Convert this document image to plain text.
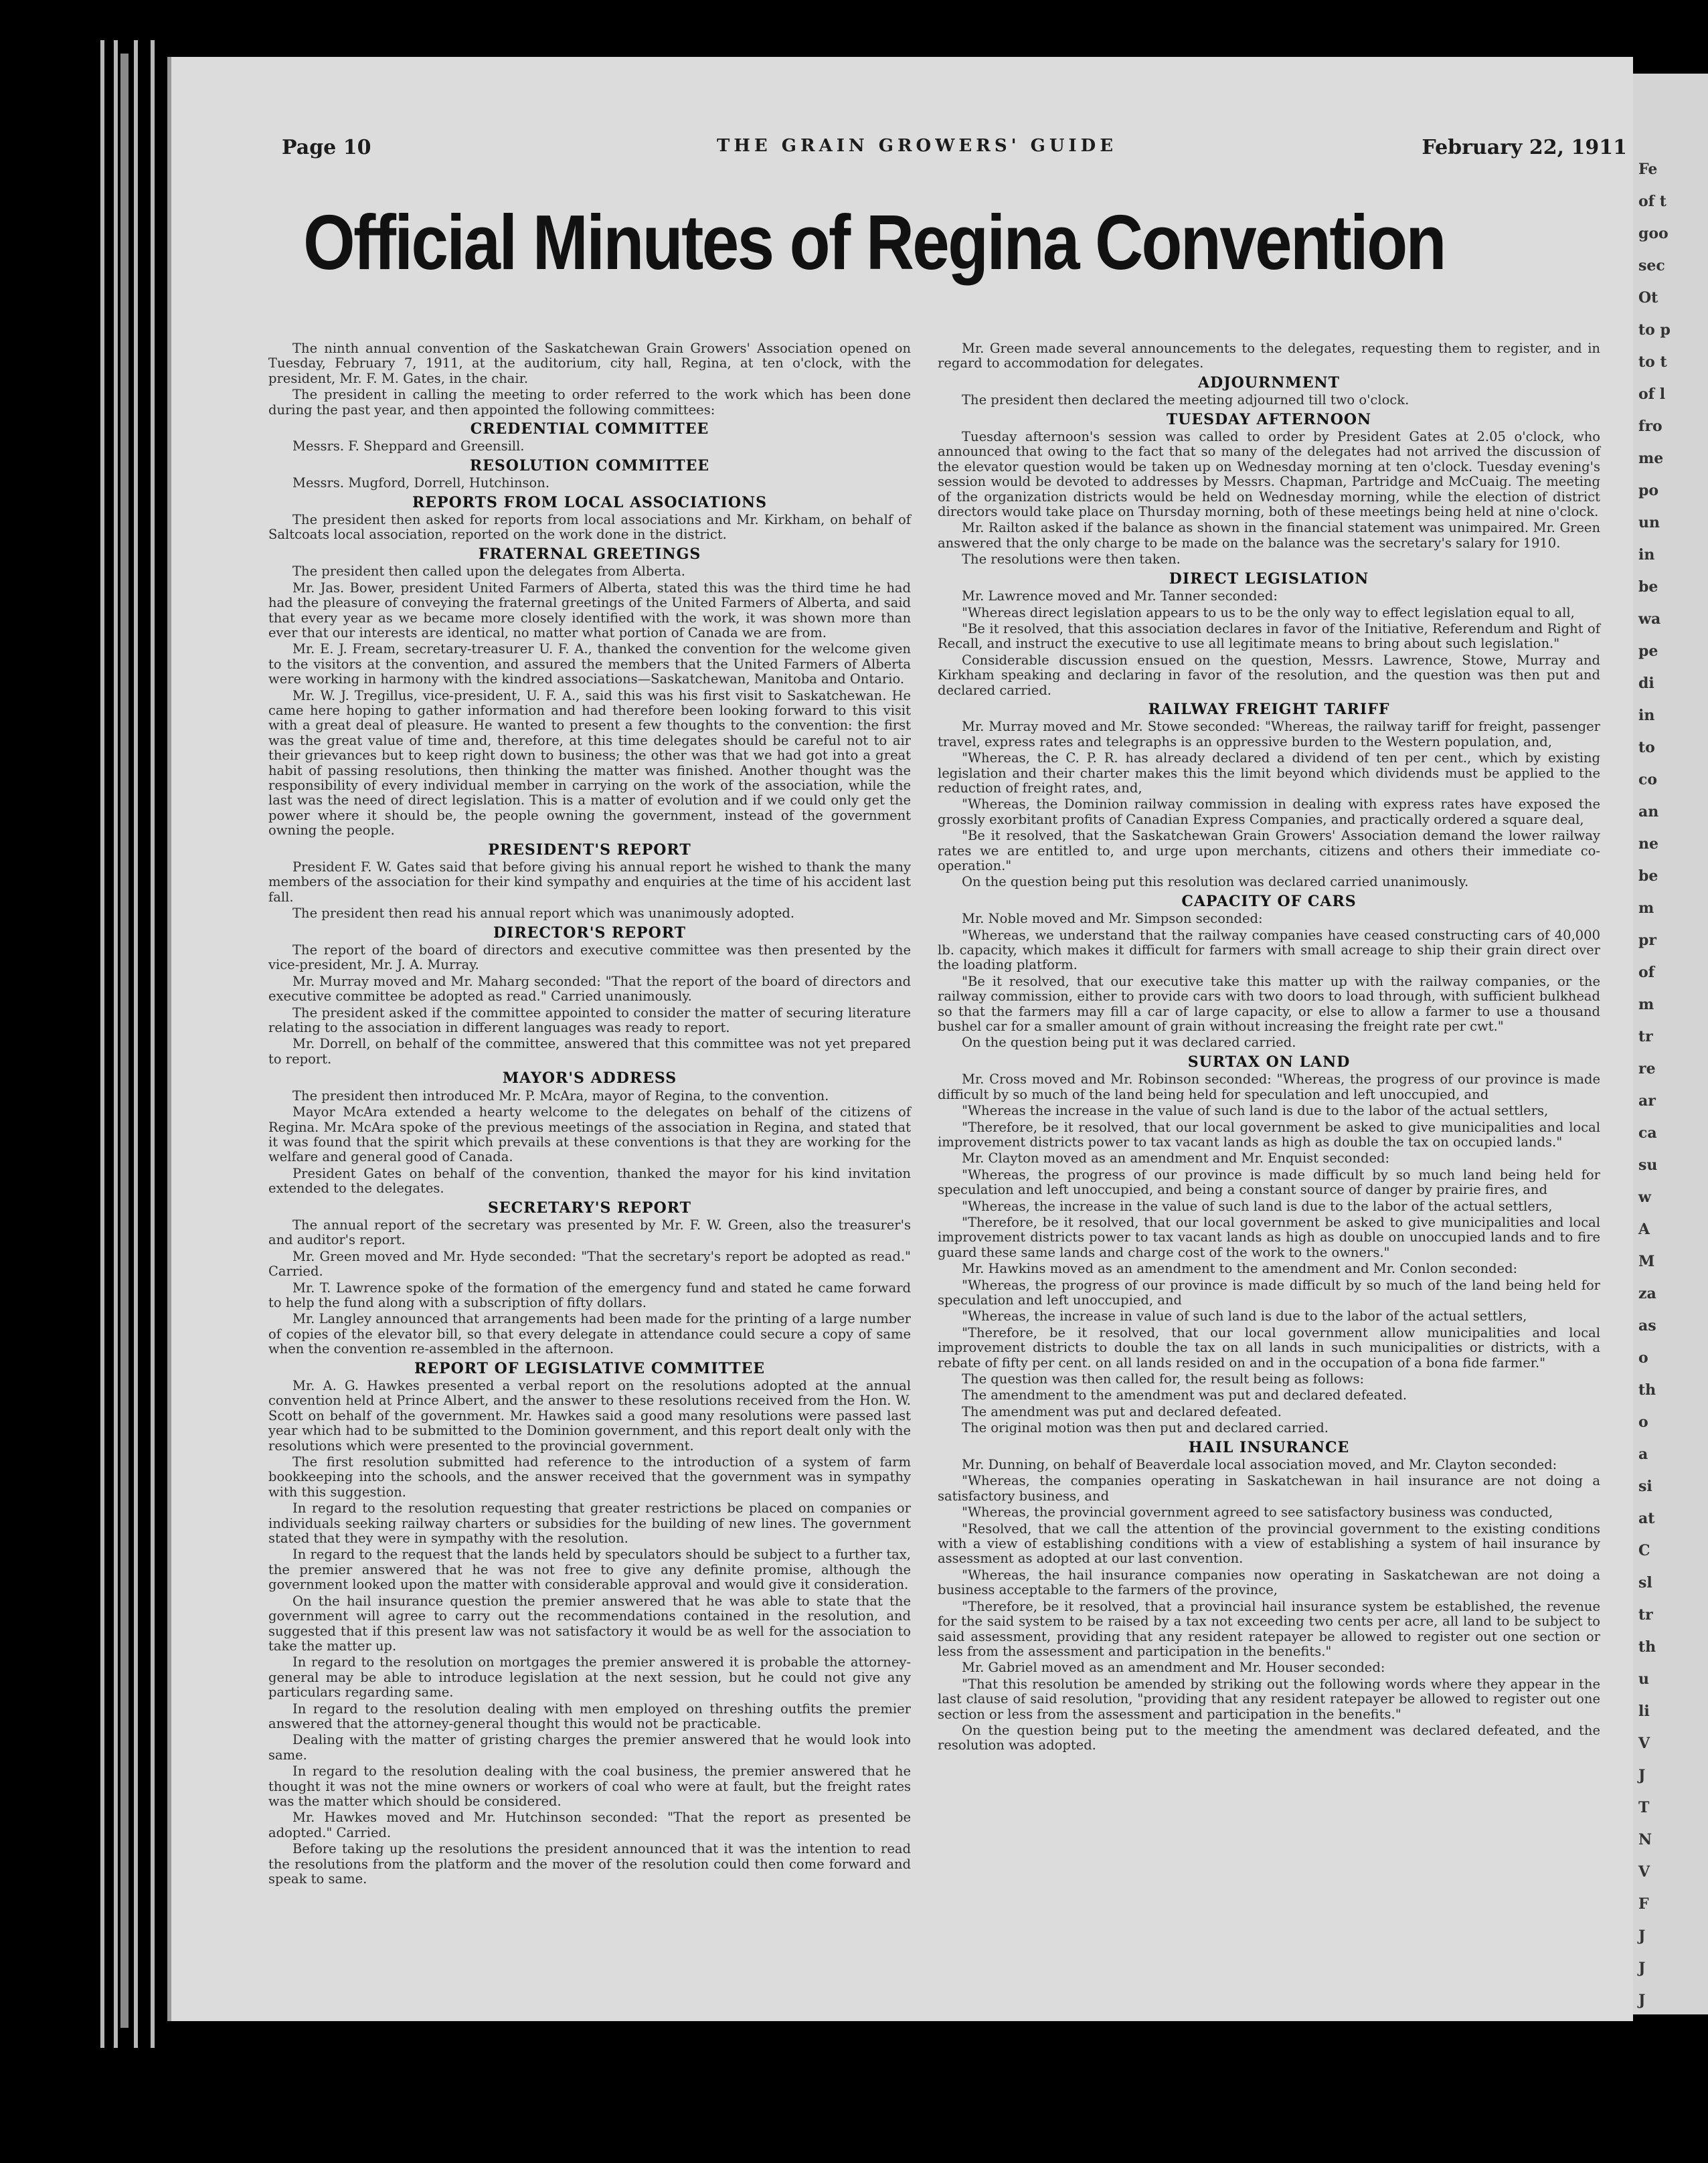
Page 10	THE GRAIN GROWERS' GUIDE	February 22, 1911
Official Minutes of Regina Convention

The ninth annual convention of the Saskatchewan Grain Growers' Association opened on Tuesday, February 7, 1911, at the auditorium, city hall, Regina, at ten o'clock, with the president, Mr. F. M. Gates, in the chair.

The president in calling the meeting to order referred to the work which has been done during the past year, and then appointed the following committees:

CREDENTIAL COMMITTEE

Messrs. F. Sheppard and Greensill.

RESOLUTION COMMITTEE

Messrs. Mugford, Dorrell, Hutchinson.

REPORTS FROM LOCAL ASSOCIATIONS

The president then asked for reports from local associations and Mr. Kirkham, on behalf of Saltcoats local association, reported on the work done in the district.

FRATERNAL GREETINGS

The president then called upon the delegates from Alberta.

Mr. Jas. Bower, president United Farmers of Alberta, stated this was the third time he had had the pleasure of conveying the fraternal greetings of the United Farmers of Alberta, and said that every year as we became more closely identified with the work, it was shown more than ever that our interests are identical, no matter what portion of Canada we are from.

Mr. E. J. Fream, secretary-treasurer U. F. A., thanked the convention for the welcome given to the visitors at the convention, and assured the members that the United Farmers of Alberta were working in harmony with the kindred associations—Saskatchewan, Manitoba and Ontario.

Mr. W. J. Tregillus, vice-president, U. F. A., said this was his first visit to Saskatchewan. He came here hoping to gather information and had therefore been looking forward to this visit with a great deal of pleasure. He wanted to present a few thoughts to the convention: the first was the great value of time and, therefore, at this time delegates should be careful not to air their grievances but to keep right down to business; the other was that we had got into a great habit of passing resolutions, then thinking the matter was finished. Another thought was the responsibility of every individual member in carrying on the work of the association, while the last was the need of direct legislation. This is a matter of evolution and if we could only get the power where it should be, the people owning the government, instead of the government owning the people.

PRESIDENT'S REPORT

President F. W. Gates said that before giving his annual report he wished to thank the many members of the association for their kind sympathy and enquiries at the time of his accident last fall.

The president then read his annual report which was unanimously adopted.

DIRECTOR'S REPORT

The report of the board of directors and executive committee was then presented by the vice-president, Mr. J. A. Murray.

Mr. Murray moved and Mr. Maharg seconded: "That the report of the board of directors and executive committee be adopted as read." Carried unanimously.

The president asked if the committee appointed to consider the matter of securing literature relating to the association in different languages was ready to report.

Mr. Dorrell, on behalf of the committee, answered that this committee was not yet prepared to report.

MAYOR'S ADDRESS

The president then introduced Mr. P. McAra, mayor of Regina, to the convention.

Mayor McAra extended a hearty welcome to the delegates on behalf of the citizens of Regina. Mr. McAra spoke of the previous meetings of the association in Regina, and stated that it was found that the spirit which prevails at these conventions is that they are working for the welfare and general good of Canada.

President Gates on behalf of the convention, thanked the mayor for his kind invitation extended to the delegates.

SECRETARY'S REPORT

The annual report of the secretary was presented by Mr. F. W. Green, also the treasurer's and auditor's report.

Mr. Green moved and Mr. Hyde seconded: "That the secretary's report be adopted as read." Carried.

Mr. T. Lawrence spoke of the formation of the emergency fund and stated he came forward to help the fund along with a subscription of fifty dollars.

Mr. Langley announced that arrangements had been made for the printing of a large number of copies of the elevator bill, so that every delegate in attendance could secure a copy of same when the convention re-assembled in the afternoon.

REPORT OF LEGISLATIVE COMMITTEE

Mr. A. G. Hawkes presented a verbal report on the resolutions adopted at the annual convention held at Prince Albert, and the answer to these resolutions received from the Hon. W. Scott on behalf of the government. Mr. Hawkes said a good many resolutions were passed last year which had to be submitted to the Dominion government, and this report dealt only with the resolutions which were presented to the provincial government.

The first resolution submitted had reference to the introduction of a system of farm bookkeeping into the schools, and the answer received that the government was in sympathy with this suggestion.

In regard to the resolution requesting that greater restrictions be placed on companies or individuals seeking railway charters or subsidies for the building of new lines. The government stated that they were in sympathy with the resolution.

In regard to the request that the lands held by speculators should be subject to a further tax, the premier answered that he was not free to give any definite promise, although the government looked upon the matter with considerable approval and would give it consideration.

On the hail insurance question the premier answered that he was able to state that the government will agree to carry out the recommendations contained in the resolution, and suggested that if this present law was not satisfactory it would be as well for the association to take the matter up.

In regard to the resolution on mortgages the premier answered it is probable the attorney-general may be able to introduce legislation at the next session, but he could not give any particulars regarding same.

In regard to the resolution dealing with men employed on threshing outfits the premier answered that the attorney-general thought this would not be practicable.

Dealing with the matter of gristing charges the premier answered that he would look into same.

In regard to the resolution dealing with the coal business, the premier answered that he thought it was not the mine owners or workers of coal who were at fault, but the freight rates was the matter which should be considered.

Mr. Hawkes moved and Mr. Hutchinson seconded: "That the report as presented be adopted." Carried.

Before taking up the resolutions the president announced that it was the intention to read the resolutions from the platform and the mover of the resolution could then come forward and speak to same.

Mr. Green made several announcements to the delegates, requesting them to register, and in regard to accommodation for delegates.

ADJOURNMENT

The president then declared the meeting adjourned till two o'clock.

TUESDAY AFTERNOON

Tuesday afternoon's session was called to order by President Gates at 2.05 o'clock, who announced that owing to the fact that so many of the delegates had not arrived the discussion of the elevator question would be taken up on Wednesday morning at ten o'clock. Tuesday evening's session would be devoted to addresses by Messrs. Chapman, Partridge and McCuaig. The meeting of the organization districts would be held on Wednesday morning, while the election of district directors would take place on Thursday morning, both of these meetings being held at nine o'clock.

Mr. Railton asked if the balance as shown in the financial statement was unimpaired. Mr. Green answered that the only charge to be made on the balance was the secretary's salary for 1910.

The resolutions were then taken.

DIRECT LEGISLATION

Mr. Lawrence moved and Mr. Tanner seconded:

"Whereas direct legislation appears to us to be the only way to effect legislation equal to all,

"Be it resolved, that this association declares in favor of the Initiative, Referendum and Right of Recall, and instruct the executive to use all legitimate means to bring about such legislation."

Considerable discussion ensued on the question, Messrs. Lawrence, Stowe, Murray and Kirkham speaking and declaring in favor of the resolution, and the question was then put and declared carried.

RAILWAY FREIGHT TARIFF

Mr. Murray moved and Mr. Stowe seconded: "Whereas, the railway tariff for freight, passenger travel, express rates and telegraphs is an oppressive burden to the Western population, and,

"Whereas, the C. P. R. has already declared a dividend of ten per cent., which by existing legislation and their charter makes this the limit beyond which dividends must be applied to the reduction of freight rates, and,

"Whereas, the Dominion railway commission in dealing with express rates have exposed the grossly exorbitant profits of Canadian Express Companies, and practically ordered a square deal,

"Be it resolved, that the Saskatchewan Grain Growers' Association demand the lower railway rates we are entitled to, and urge upon merchants, citizens and others their immediate co-operation."

On the question being put this resolution was declared carried unanimously.

CAPACITY OF CARS

Mr. Noble moved and Mr. Simpson seconded:

"Whereas, we understand that the railway companies have ceased constructing cars of 40,000 lb. capacity, which makes it difficult for farmers with small acreage to ship their grain direct over the loading platform.

"Be it resolved, that our executive take this matter up with the railway companies, or the railway commission, either to provide cars with two doors to load through, with sufficient bulkhead so that the farmers may fill a car of large capacity, or else to allow a farmer to use a thousand bushel car for a smaller amount of grain without increasing the freight rate per cwt."

On the question being put it was declared carried.

SURTAX ON LAND

Mr. Cross moved and Mr. Robinson seconded: "Whereas, the progress of our province is made difficult by so much of the land being held for speculation and left unoccupied, and

"Whereas the increase in the value of such land is due to the labor of the actual settlers,

"Therefore, be it resolved, that our local government be asked to give municipalities and local improvement districts power to tax vacant lands as high as double the tax on occupied lands."

Mr. Clayton moved as an amendment and Mr. Enquist seconded:

"Whereas, the progress of our province is made difficult by so much land being held for speculation and left unoccupied, and being a constant source of danger by prairie fires, and

"Whereas, the increase in the value of such land is due to the labor of the actual settlers,

"Therefore, be it resolved, that our local government be asked to give municipalities and local improvement districts power to tax vacant lands as high as double on unoccupied lands and to fire guard these same lands and charge cost of the work to the owners."

Mr. Hawkins moved as an amendment to the amendment and Mr. Conlon seconded:

"Whereas, the progress of our province is made difficult by so much of the land being held for speculation and left unoccupied, and

"Whereas, the increase in value of such land is due to the labor of the actual settlers,

"Therefore, be it resolved, that our local government allow municipalities and local improvement districts to double the tax on all lands in such municipalities or districts, with a rebate of fifty per cent. on all lands resided on and in the occupation of a bona fide farmer."

The question was then called for, the result being as follows:

The amendment to the amendment was put and declared defeated.

The amendment was put and declared defeated.

The original motion was then put and declared carried.

HAIL INSURANCE

Mr. Dunning, on behalf of Beaverdale local association moved, and Mr. Clayton seconded:

"Whereas, the companies operating in Saskatchewan in hail insurance are not doing a satisfactory business, and

"Whereas, the provincial government agreed to see satisfactory business was conducted,

"Resolved, that we call the attention of the provincial government to the existing conditions with a view of establishing conditions with a view of establishing a system of hail insurance by assessment as adopted at our last convention.

"Whereas, the hail insurance companies now operating in Saskatchewan are not doing a business acceptable to the farmers of the province,

"Therefore, be it resolved, that a provincial hail insurance system be established, the revenue for the said system to be raised by a tax not exceeding two cents per acre, all land to be subject to said assessment, providing that any resident ratepayer be allowed to register out one section or less from the assessment and participation in the benefits."

Mr. Gabriel moved as an amendment and Mr. Houser seconded:

"That this resolution be amended by striking out the following words where they appear in the last clause of said resolution, "providing that any resident ratepayer be allowed to register out one section or less from the assessment and participation in the benefits."

On the question being put to the meeting the amendment was declared defeated, and the resolution was adopted.

Fe
of t
goo
sec
Ot
to p
to t
of l
fro
me
po
un
in
be
wa
pe
di
in
to
co
an
ne
be
m
pr
of
m
tr
re
ar
ca
su
w
A
M
za
as
o
th
o
a
si
at
C
sl
tr
th
u
li
V
J
T
N
V
F
J
J
J
